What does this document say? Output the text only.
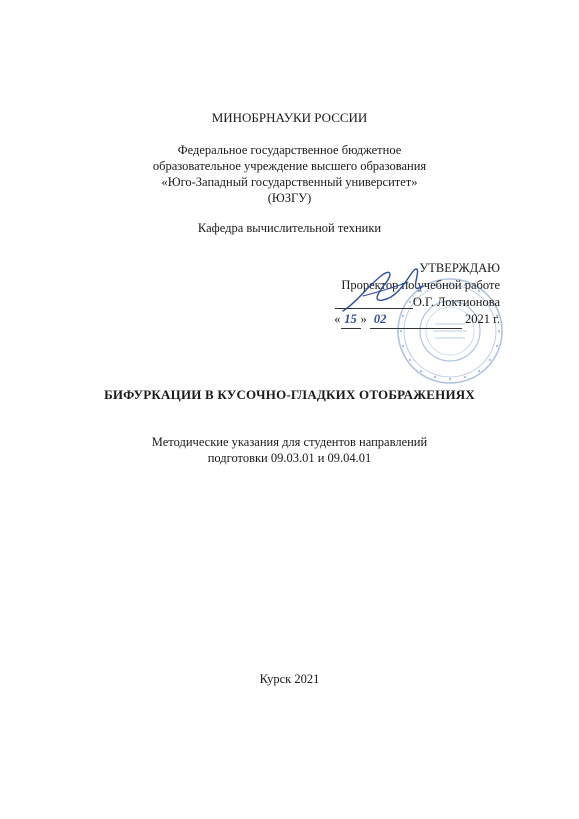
МИНОБРНАУКИ РОССИИ
Федеральное государственное бюджетное
образовательное учреждение высшего образования
«Юго-Западный государственный университет»
(ЮЗГУ)
Кафедра вычислительной техники
УТВЕРЖДАЮ
Проректор по учебной работе
О.Г. Локтионова
« 15 » 02	2021 г.
БИФУРКАЦИИ В КУСОЧНО-ГЛАДКИХ ОТОБРАЖЕНИЯХ
Методические указания для студентов направлений
подготовки 09.03.01 и 09.04.01
Курск 2021
